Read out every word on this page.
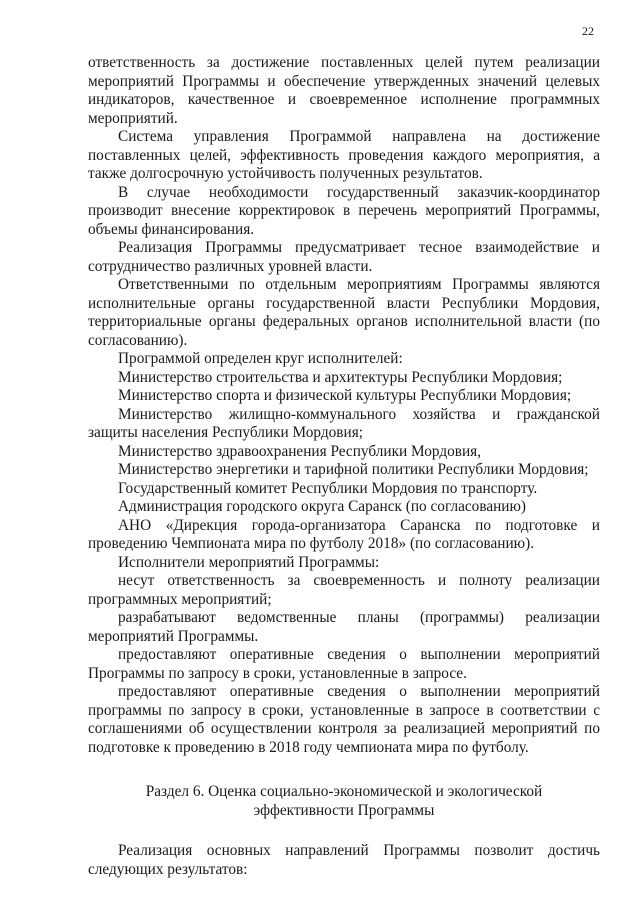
22

ответственность за достижение поставленных целей путем реализации мероприятий Программы и обеспечение утвержденных значений целевых индикаторов, качественное и своевременное исполнение программных мероприятий.

Система управления Программой направлена на достижение поставленных целей, эффективность проведения каждого мероприятия, а также долгосрочную устойчивость полученных результатов.

В случае необходимости государственный заказчик-координатор производит внесение корректировок в перечень мероприятий Программы, объемы финансирования.

Реализация Программы предусматривает тесное взаимодействие и сотрудничество различных уровней власти.

Ответственными по отдельным мероприятиям Программы являются исполнительные органы государственной власти Республики Мордовия, территориальные органы федеральных органов исполнительной власти (по согласованию).

Программой определен круг исполнителей:

Министерство строительства и архитектуры Республики Мордовия;

Министерство спорта и физической культуры Республики Мордовия;

Министерство жилищно-коммунального хозяйства и гражданской защиты населения Республики Мордовия;

Министерство здравоохранения Республики Мордовия,

Министерство энергетики и тарифной политики Республики Мордовия;

Государственный комитет Республики Мордовия по транспорту.

Администрация городского округа Саранск (по согласованию)

АНО «Дирекция города-организатора Саранска по подготовке и проведению Чемпионата мира по футболу 2018» (по согласованию).

Исполнители мероприятий Программы:

несут ответственность за своевременность и полноту реализации программных мероприятий;

разрабатывают ведомственные планы (программы) реализации мероприятий Программы.

предоставляют оперативные сведения о выполнении мероприятий Программы по запросу в сроки, установленные в запросе.

предоставляют оперативные сведения о выполнении мероприятий программы по запросу в сроки, установленные в запросе в соответствии с соглашениями об осуществлении контроля за реализацией мероприятий по подготовке к проведению в 2018 году чемпионата мира по футболу.

Раздел 6. Оценка социально-экономической и экологической
эффективности Программы

Реализация основных направлений Программы позволит достичь следующих результатов:
